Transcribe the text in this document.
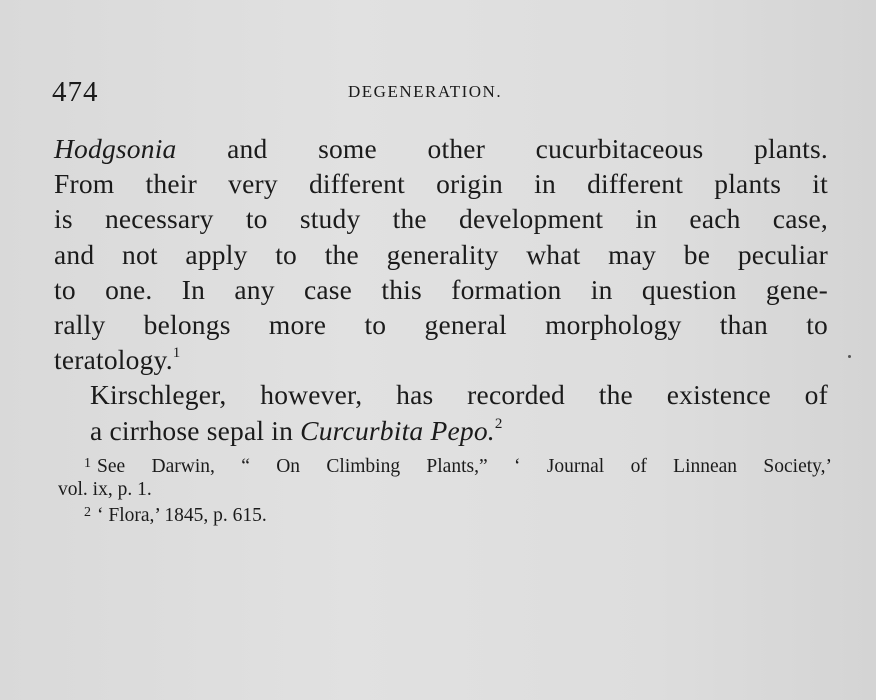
474	DEGENERATION.

Hodgsonia and some other cucurbitaceous plants.
From their very different origin in different plants it
is necessary to study the development in each case,
and not apply to the generality what may be peculiar
to one. In any case this formation in question gene-
rally belongs more to general morphology than to
teratology.$^1$

Kirschleger, however, has recorded the existence of
a cirrhose sepal in Curcurbita Pepo.$^2$

$^1$ See Darwin, “ On Climbing Plants,” ‘ Journal of Linnean Society,’
vol. ix, p. 1.

$^2$ ‘ Flora,’ 1845, p. 615.
